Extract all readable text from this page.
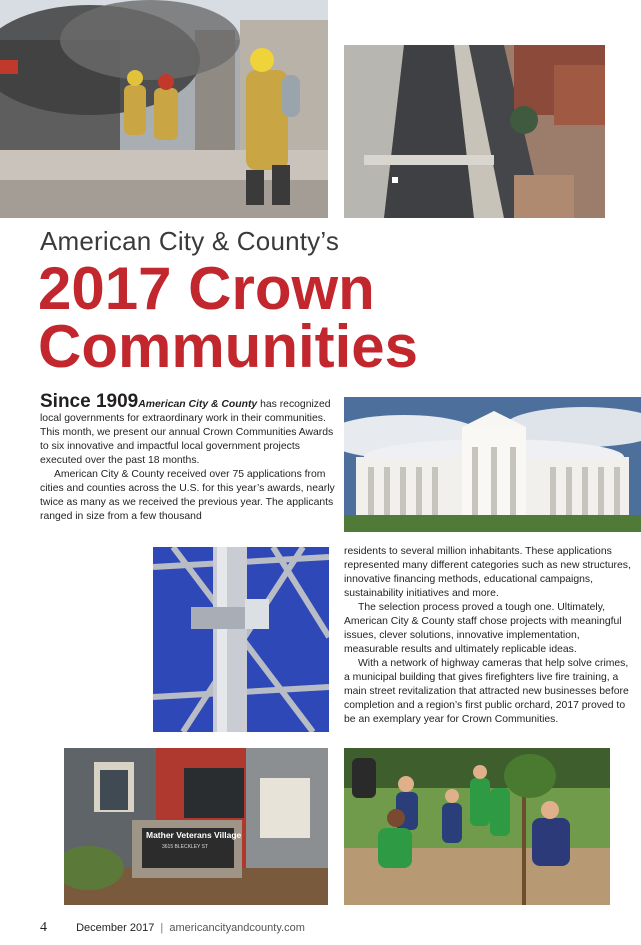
American City & County’s
2017 Crown
Communities

Since 1909American City & County has recognized local governments for extraordinary work in their communities. This month, we present our annual Crown Communities Awards to six innovative and impactful local government projects executed over the past 18 months.

American City & County received over 75 applications from cities and counties across the U.S. for this year’s awards, nearly twice as many as we received the previous year. The applicants ranged in size from a few thousand

residents to several million inhabitants. These applications represented many different categories such as new structures, innovative financing methods, educational campaigns, sustainability initiatives and more.

The selection process proved a tough one. Ultimately, American City & County staff chose projects with meaningful issues, clever solutions, innovative implementation, measurable results and ultimately replicable ideas.

With a network of highway cameras that help solve crimes, a municipal building that gives firefighters live fire training, a main street revitalization that attracted new businesses before completion and a region’s first public orchard, 2017 proved to be an exemplary year for Crown Communities.

Mather Veterans Village
3615 BLECKLEY ST
4	December 2017 | americancityandcounty.com
